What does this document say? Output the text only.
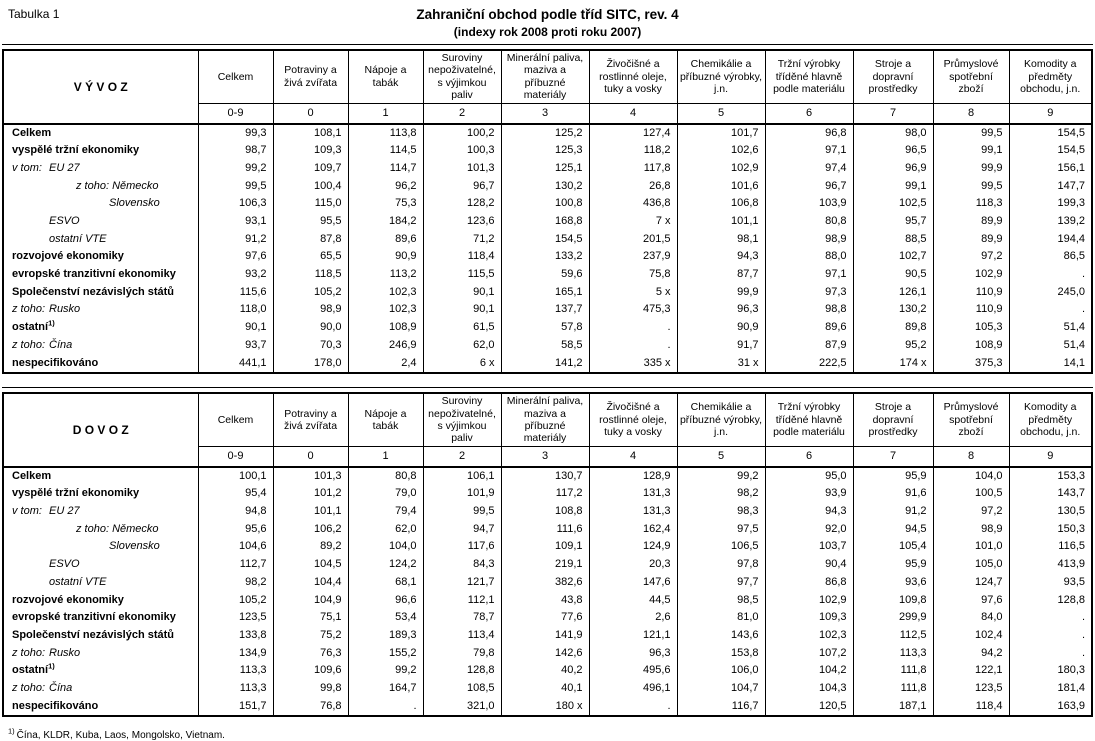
Tabulka 1	Zahraniční obchod podle tříd SITC, rev. 4
(indexy rok 2008 proti roku 2007)
V Ý V O Z	Celkem	Potraviny a živá zvířata	Nápoje a tabák	Suroviny nepoživatelné, s výjimkou paliv	Minerální paliva, maziva a příbuzné materiály	Živočišné a rostlinné oleje, tuky a vosky	Chemikálie a příbuzné výrobky, j.n.	Tržní výrobky tříděné hlavně podle materiálu	Stroje a dopravní prostředky	Průmyslové spotřební zboží	Komodity a předměty obchodu, j.n.
	0-9	0	1	2	3	4	5	6	7	8	9
Celkem	99,3	108,1	113,8	100,2	125,2	127,4	101,7	96,8	98,0	99,5	154,5
vyspělé tržní ekonomiky	98,7	109,3	114,5	100,3	125,3	118,2	102,6	97,1	96,5	99,1	154,5
v tom: EU 27	99,2	109,7	114,7	101,3	125,1	117,8	102,9	97,4	96,9	99,9	156,1
z toho: Německo	99,5	100,4	96,2	96,7	130,2	26,8	101,6	96,7	99,1	99,5	147,7
Slovensko	106,3	115,0	75,3	128,2	100,8	436,8	106,8	103,9	102,5	118,3	199,3
ESVO	93,1	95,5	184,2	123,6	168,8	7 x	101,1	80,8	95,7	89,9	139,2
ostatní VTE	91,2	87,8	89,6	71,2	154,5	201,5	98,1	98,9	88,5	89,9	194,4
rozvojové ekonomiky	97,6	65,5	90,9	118,4	133,2	237,9	94,3	88,0	102,7	97,2	86,5
evropské tranzitivní ekonomiky	93,2	118,5	113,2	115,5	59,6	75,8	87,7	97,1	90,5	102,9	.
Společenství nezávislých států	115,6	105,2	102,3	90,1	165,1	5 x	99,9	97,3	126,1	110,9	245,0
z toho: Rusko	118,0	98,9	102,3	90,1	137,7	475,3	96,3	98,8	130,2	110,9	.
ostatní$^{1)}$	90,1	90,0	108,9	61,5	57,8	.	90,9	89,6	89,8	105,3	51,4
z toho: Čína	93,7	70,3	246,9	62,0	58,5	.	91,7	87,9	95,2	108,9	51,4
nespecifikováno	441,1	178,0	2,4	6 x	141,2	335 x	31 x	222,5	174 x	375,3	14,1
D O V O Z	Celkem	Potraviny a živá zvířata	Nápoje a tabák	Suroviny nepoživatelné, s výjimkou paliv	Minerální paliva, maziva a příbuzné materiály	Živočišné a rostlinné oleje, tuky a vosky	Chemikálie a příbuzné výrobky, j.n.	Tržní výrobky tříděné hlavně podle materiálu	Stroje a dopravní prostředky	Průmyslové spotřební zboží	Komodity a předměty obchodu, j.n.
	0-9	0	1	2	3	4	5	6	7	8	9
Celkem	100,1	101,3	80,8	106,1	130,7	128,9	99,2	95,0	95,9	104,0	153,3
vyspělé tržní ekonomiky	95,4	101,2	79,0	101,9	117,2	131,3	98,2	93,9	91,6	100,5	143,7
v tom: EU 27	94,8	101,1	79,4	99,5	108,8	131,3	98,3	94,3	91,2	97,2	130,5
z toho: Německo	95,6	106,2	62,0	94,7	111,6	162,4	97,5	92,0	94,5	98,9	150,3
Slovensko	104,6	89,2	104,0	117,6	109,1	124,9	106,5	103,7	105,4	101,0	116,5
ESVO	112,7	104,5	124,2	84,3	219,1	20,3	97,8	90,4	95,9	105,0	413,9
ostatní VTE	98,2	104,4	68,1	121,7	382,6	147,6	97,7	86,8	93,6	124,7	93,5
rozvojové ekonomiky	105,2	104,9	96,6	112,1	43,8	44,5	98,5	102,9	109,8	97,6	128,8
evropské tranzitivní ekonomiky	123,5	75,1	53,4	78,7	77,6	2,6	81,0	109,3	299,9	84,0	.
Společenství nezávislých států	133,8	75,2	189,3	113,4	141,9	121,1	143,6	102,3	112,5	102,4	.
z toho: Rusko	134,9	76,3	155,2	79,8	142,6	96,3	153,8	107,2	113,3	94,2	.
ostatní$^{1)}$	113,3	109,6	99,2	128,8	40,2	495,6	106,0	104,2	111,8	122,1	180,3
z toho: Čína	113,3	99,8	164,7	108,5	40,1	496,1	104,7	104,3	111,8	123,5	181,4
nespecifikováno	151,7	76,8	.	321,0	180 x	.	116,7	120,5	187,1	118,4	163,9
$^{1)}$ Čína, KLDR, Kuba, Laos, Mongolsko, Vietnam.
